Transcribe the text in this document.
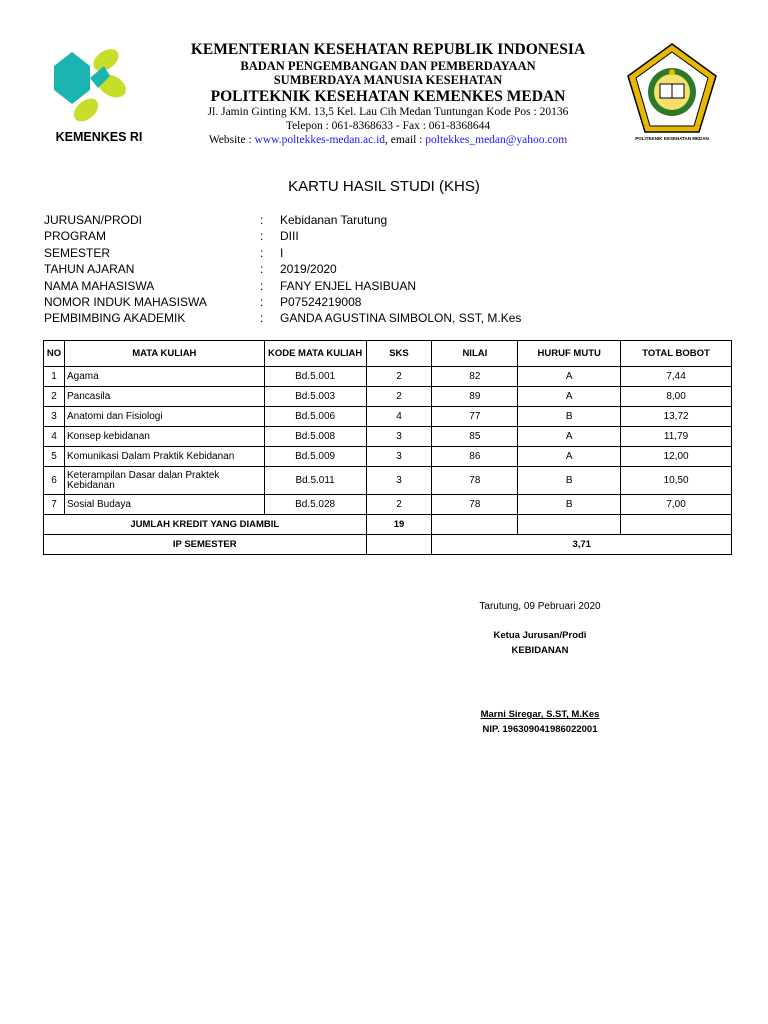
KEMENKES RI	POLITEKNIK KESEHATAN MEDAN
KEMENTERIAN KESEHATAN REPUBLIK INDONESIA
BADAN PENGEMBANGAN DAN PEMBERDAYAAN
SUMBERDAYA MANUSIA KESEHATAN
POLITEKNIK KESEHATAN KEMENKES MEDAN
Jl. Jamin Ginting KM. 13,5 Kel. Lau Cih Medan Tuntungan Kode Pos : 20136
Telepon : 061-8368633 - Fax : 061-8368644
Website : www.poltekkes-medan.ac.id, email : poltekkes_medan@yahoo.com
KARTU HASIL STUDI (KHS)
JURUSAN/PRODI	: Kebidanan Tarutung
PROGRAM	: DIII
SEMESTER	: I
TAHUN AJARAN	: 2019/2020
NAMA MAHASISWA	: FANY ENJEL HASIBUAN
NOMOR INDUK MAHASISWA	: P07524219008
PEMBIMBING AKADEMIK	: GANDA AGUSTINA SIMBOLON, SST, M.Kes
NO	MATA KULIAH	KODE MATA KULIAH	SKS	NILAI	HURUF MUTU	TOTAL BOBOT
1	Agama	Bd.5.001	2	82	A	7,44
2	Pancasila	Bd.5.003	2	89	A	8,00
3	Anatomi dan Fisiologi	Bd.5.006	4	77	B	13,72
4	Konsep kebidanan	Bd.5.008	3	85	A	11,79
5	Komunikasi Dalam Praktik Kebidanan	Bd.5.009	3	86	A	12,00
6	Keterampilan Dasar dalan Praktek Kebidanan	Bd.5.011	3	78	B	10,50
7	Sosial Budaya	Bd.5.028	2	78	B	7,00
JUMLAH KREDIT YANG DIAMBIL			19			
IP SEMESTER				3,71		
Tarutung, 09 Pebruari 2020
Ketua Jurusan/Prodi
KEBIDANAN
Marni Siregar, S.ST, M.Kes
NIP. 196309041986022001
